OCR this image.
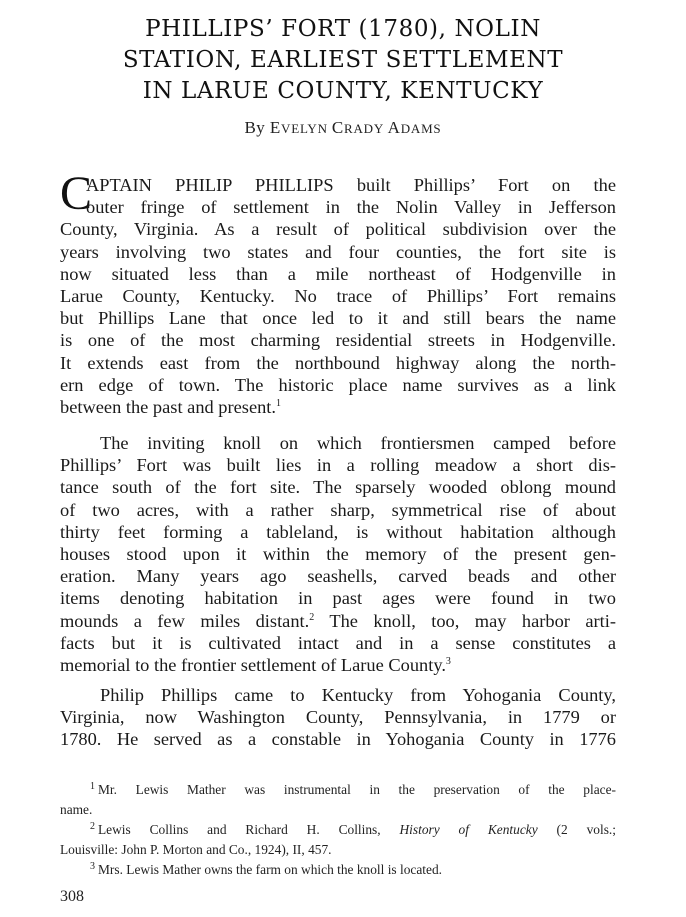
PHILLIPS’ FORT (1780), NOLIN
STATION, EARLIEST SETTLEMENT
IN LARUE COUNTY, KENTUCKY
By EVELYN CRADY ADAMS
C
APTAIN PHILIP PHILLIPS built Phillips’ Fort on the
outer fringe of settlement in the Nolin Valley in Jefferson
County, Virginia. As a result of political subdivision over the
years involving two states and four counties, the fort site is
now situated less than a mile northeast of Hodgenville in
Larue County, Kentucky. No trace of Phillips’ Fort remains
but Phillips Lane that once led to it and still bears the name
is one of the most charming residential streets in Hodgenville.
It extends east from the northbound highway along the north-
ern edge of town. The historic place name survives as a link
between the past and present.$^1$
The inviting knoll on which frontiersmen camped before
Phillips’ Fort was built lies in a rolling meadow a short dis-
tance south of the fort site. The sparsely wooded oblong mound
of two acres, with a rather sharp, symmetrical rise of about
thirty feet forming a tableland, is without habitation although
houses stood upon it within the memory of the present gen-
eration. Many years ago seashells, carved beads and other
items denoting habitation in past ages were found in two
mounds a few miles distant.$^2$ The knoll, too, may harbor arti-
facts but it is cultivated intact and in a sense constitutes a
memorial to the frontier settlement of Larue County.$^3$
Philip Phillips came to Kentucky from Yohogania County,
Virginia, now Washington County, Pennsylvania, in 1779 or
1780. He served as a constable in Yohogania County in 1776
$^1$ Mr. Lewis Mather was instrumental in the preservation of the place-
name.
$^2$ Lewis Collins and Richard H. Collins, History of Kentucky (2 vols.;
Louisville: John P. Morton and Co., 1924), II, 457.
$^3$ Mrs. Lewis Mather owns the farm on which the knoll is located.
308
